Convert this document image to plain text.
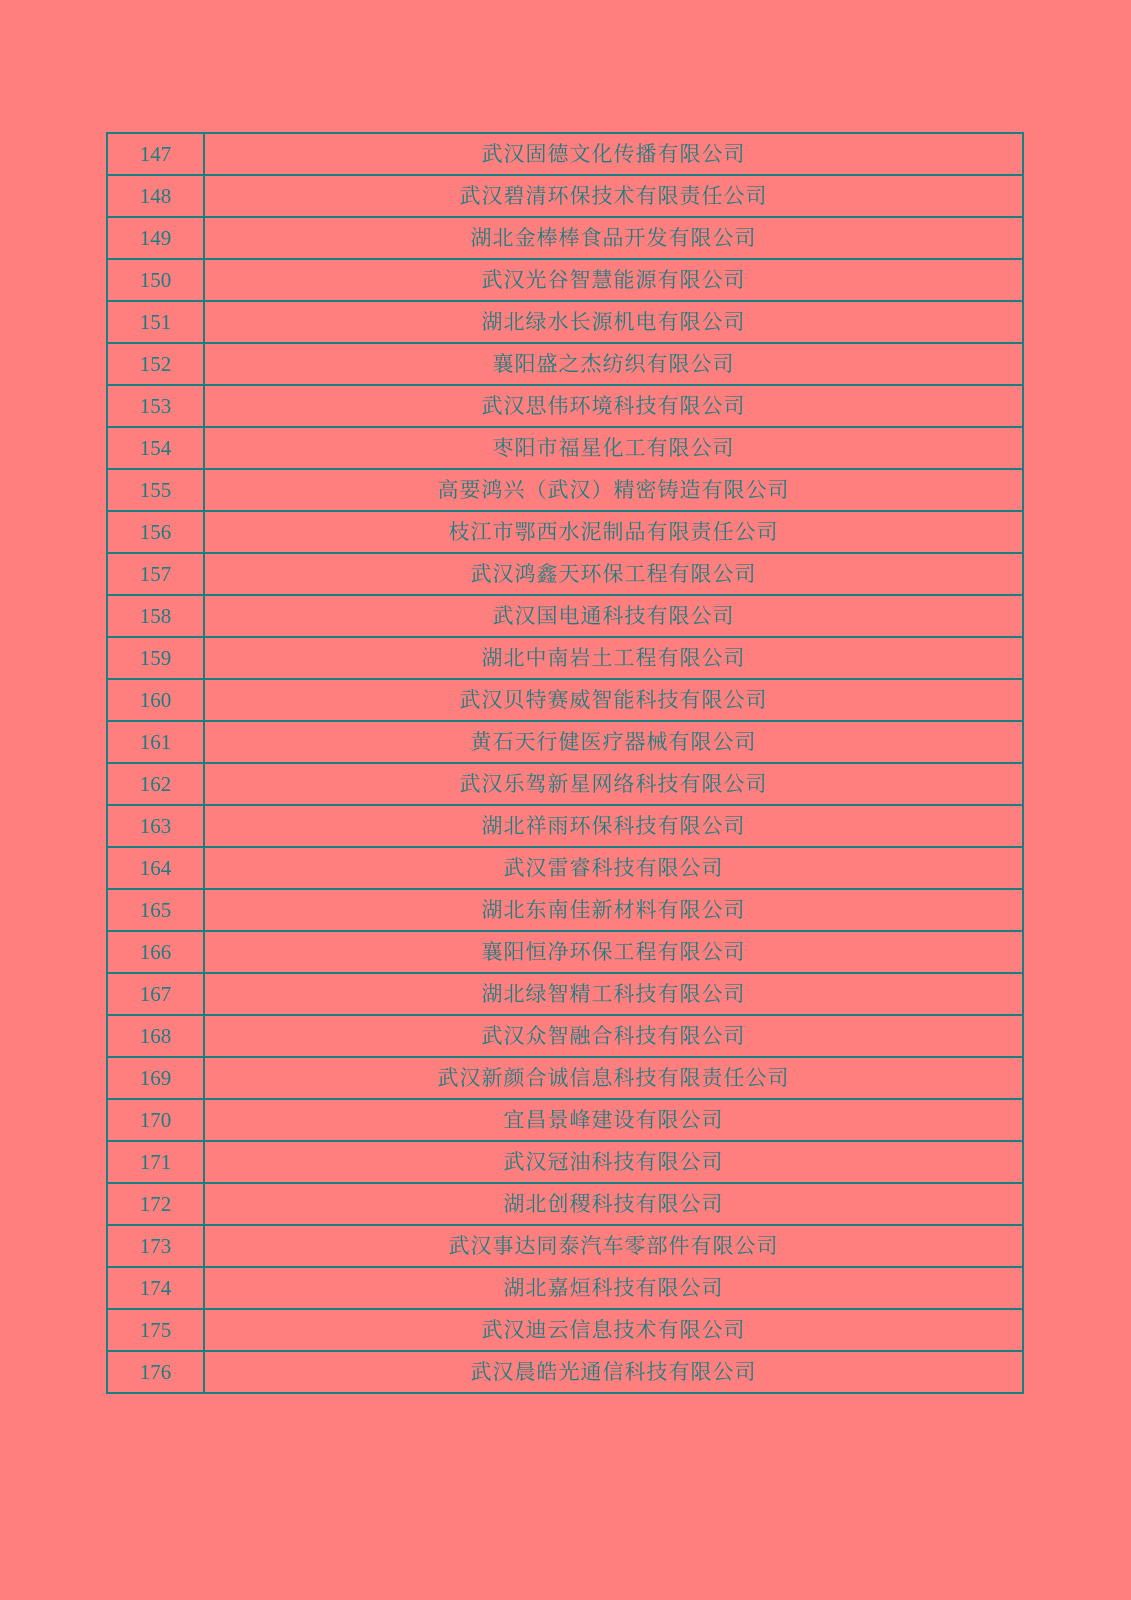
147	武汉固德文化传播有限公司
148	武汉碧清环保技术有限责任公司
149	湖北金棒棒食品开发有限公司
150	武汉光谷智慧能源有限公司
151	湖北绿水长源机电有限公司
152	襄阳盛之杰纺织有限公司
153	武汉思伟环境科技有限公司
154	枣阳市福星化工有限公司
155	高要鸿兴（武汉）精密铸造有限公司
156	枝江市鄂西水泥制品有限责任公司
157	武汉鸿鑫天环保工程有限公司
158	武汉国电通科技有限公司
159	湖北中南岩土工程有限公司
160	武汉贝特赛威智能科技有限公司
161	黄石天行健医疗器械有限公司
162	武汉乐驾新星网络科技有限公司
163	湖北祥雨环保科技有限公司
164	武汉雷睿科技有限公司
165	湖北东南佳新材料有限公司
166	襄阳恒净环保工程有限公司
167	湖北绿智精工科技有限公司
168	武汉众智融合科技有限公司
169	武汉新颜合诚信息科技有限责任公司
170	宜昌景峰建设有限公司
171	武汉冠油科技有限公司
172	湖北创稷科技有限公司
173	武汉事达同泰汽车零部件有限公司
174	湖北嘉烜科技有限公司
175	武汉迪云信息技术有限公司
176	武汉晨皓光通信科技有限公司
